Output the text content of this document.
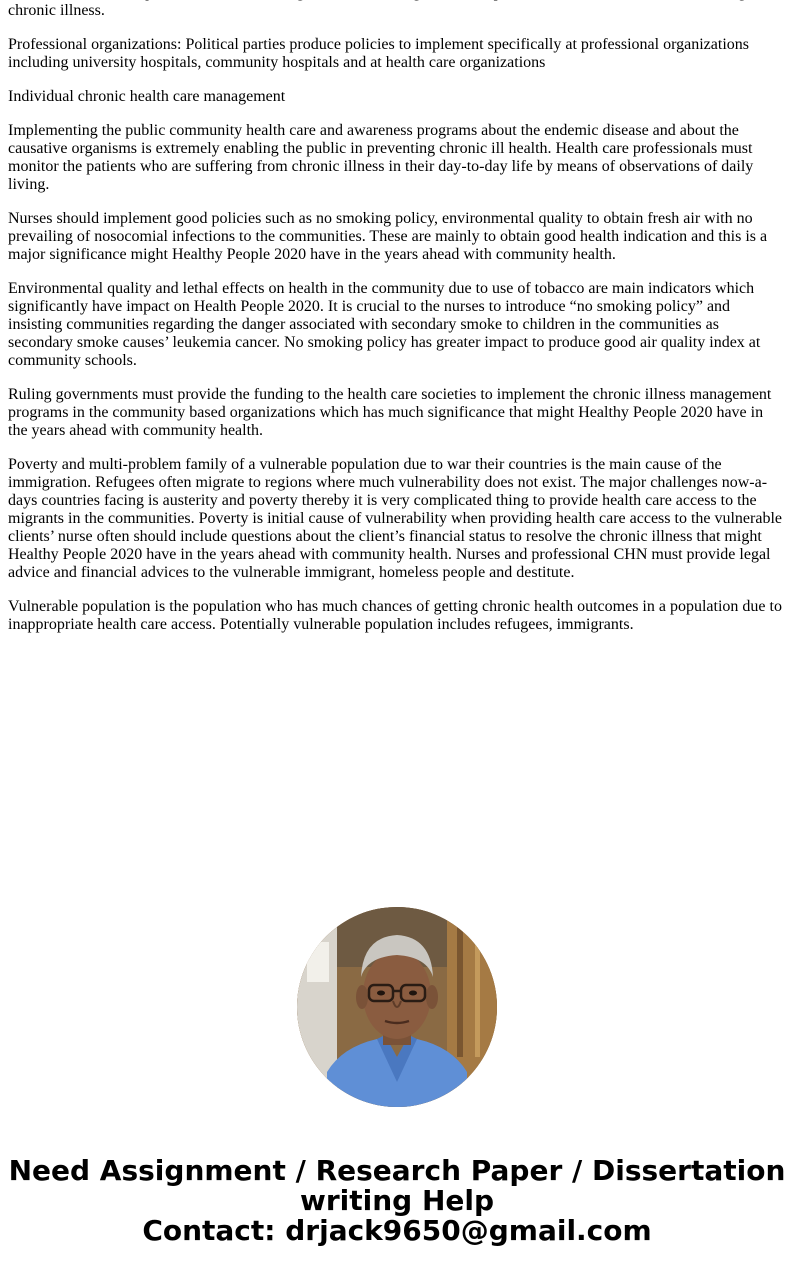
chronic illness.

Professional organizations: Political parties produce policies to implement specifically at professional organizations including university hospitals, community hospitals and at health care organizations

Individual chronic health care management

Implementing the public community health care and awareness programs about the endemic disease and about the causative organisms is extremely enabling the public in preventing chronic ill health. Health care professionals must monitor the patients who are suffering from chronic illness in their day-to-day life by means of observations of daily living.

Nurses should implement good policies such as no smoking policy, environmental quality to obtain fresh air with no prevailing of nosocomial infections to the communities. These are mainly to obtain good health indication and this is a major significance might Healthy People 2020 have in the years ahead with community health.

Environmental quality and lethal effects on health in the community due to use of tobacco are main indicators which significantly have impact on Health People 2020. It is crucial to the nurses to introduce “no smoking policy” and insisting communities regarding the danger associated with secondary smoke to children in the communities as secondary smoke causes’ leukemia cancer. No smoking policy has greater impact to produce good air quality index at community schools.

Ruling governments must provide the funding to the health care societies to implement the chronic illness management programs in the community based organizations which has much significance that might Healthy People 2020 have in the years ahead with community health.

Poverty and multi-problem family of a vulnerable population due to war their countries is the main cause of the immigration. Refugees often migrate to regions where much vulnerability does not exist. The major challenges now-a-days countries facing is austerity and poverty thereby it is very complicated thing to provide health care access to the migrants in the communities. Poverty is initial cause of vulnerability when providing health care access to the vulnerable clients’ nurse often should include questions about the client’s financial status to resolve the chronic illness that might Healthy People 2020 have in the years ahead with community health. Nurses and professional CHN must provide legal advice and financial advices to the vulnerable immigrant, homeless people and destitute.

Vulnerable population is the population who has much chances of getting chronic health outcomes in a population due to inappropriate health care access. Potentially vulnerable population includes refugees, immigrants.

Need Assignment / Research Paper / Dissertation writing Help
Contact: drjack9650@gmail.com
